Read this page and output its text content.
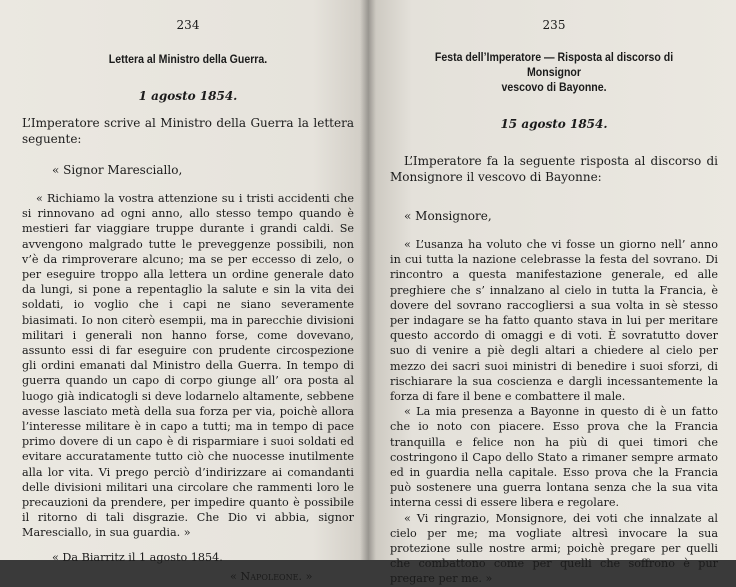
234

Lettera al Ministro della Guerra.

1 agosto 1854.

L’Imperatore scrive al Ministro della Guerra la lettera seguente:

« Signor Maresciallo,

« Richiamo la vostra attenzione su i tristi accidenti che si rinnovano ad ogni anno, allo stesso tempo quando è mestieri far viaggiare truppe durante i grandi caldi. Se avvengono malgrado tutte le preveggenze possibili, non v’è da rimproverare alcuno; ma se per eccesso di zelo, o per eseguire troppo alla lettera un ordine generale dato da lungi, si pone a repentaglio la salute e sin la vita dei soldati, io voglio che i capi ne siano severamente biasimati. Io non citerò esempii, ma in parecchie divisioni militari i generali non hanno forse, come dovevano, assunto essi di far eseguire con prudente circospezione gli ordini emanati dal Ministro della Guerra. In tempo di guerra quando un capo di corpo giunge all’ ora posta al luogo già indicatogli si deve lodarnelo altamente, sebbene avesse lasciato metà della sua forza per via, poichè allora l’interesse militare è in capo a tutti; ma in tempo di pace primo dovere di un capo è di risparmiare i suoi soldati ed evitare accuratamente tutto ciò che nuocesse inutilmente alla lor vita. Vi prego perciò d’indirizzare ai comandanti delle divisioni militari una circolare che rammenti loro le precauzioni da prendere, per impedire quanto è possibile il ritorno di tali disgrazie. Che Dio vi abbia, signor Maresciallo, in sua guardia. »

« Da Biarritz il 1 agosto 1854.

« Napoleone. »

235

Festa dell’Imperatore — Risposta al discorso di Monsignor

vescovo di Bayonne.

15 agosto 1854.

L’Imperatore fa la seguente risposta al discorso di Monsignore il vescovo di Bayonne:

« Monsignore,

« L’usanza ha voluto che vi fosse un giorno nell’ anno in cui tutta la nazione celebrasse la festa del sovrano. Di rincontro a questa manifestazione generale, ed alle preghiere che s’ innalzano al cielo in tutta la Francia, è dovere del sovrano raccogliersi a sua volta in sè stesso per indagare se ha fatto quanto stava in lui per meritare questo accordo di omaggi e di voti. È sovratutto dover suo di venire a piè degli altari a chiedere al cielo per mezzo dei sacri suoi ministri di benedire i suoi sforzi, di rischiarare la sua coscienza e dargli incessantemente la forza di fare il bene e combattere il male.

« La mia presenza a Bayonne in questo di è un fatto che io noto con piacere. Esso prova che la Francia tranquilla e felice non ha più di quei timori che costringono il Capo dello Stato a rimaner sempre armato ed in guardia nella capitale. Esso prova che la Francia può sostenere una guerra lontana senza che la sua vita interna cessi di essere libera e regolare.

« Vi ringrazio, Monsignore, dei voti che innalzate al cielo per me; ma vogliate altresì invocare la sua protezione sulle nostre armi; poichè pregare per quelli che combattono come per quelli che soffrono è pur pregare per me. »
